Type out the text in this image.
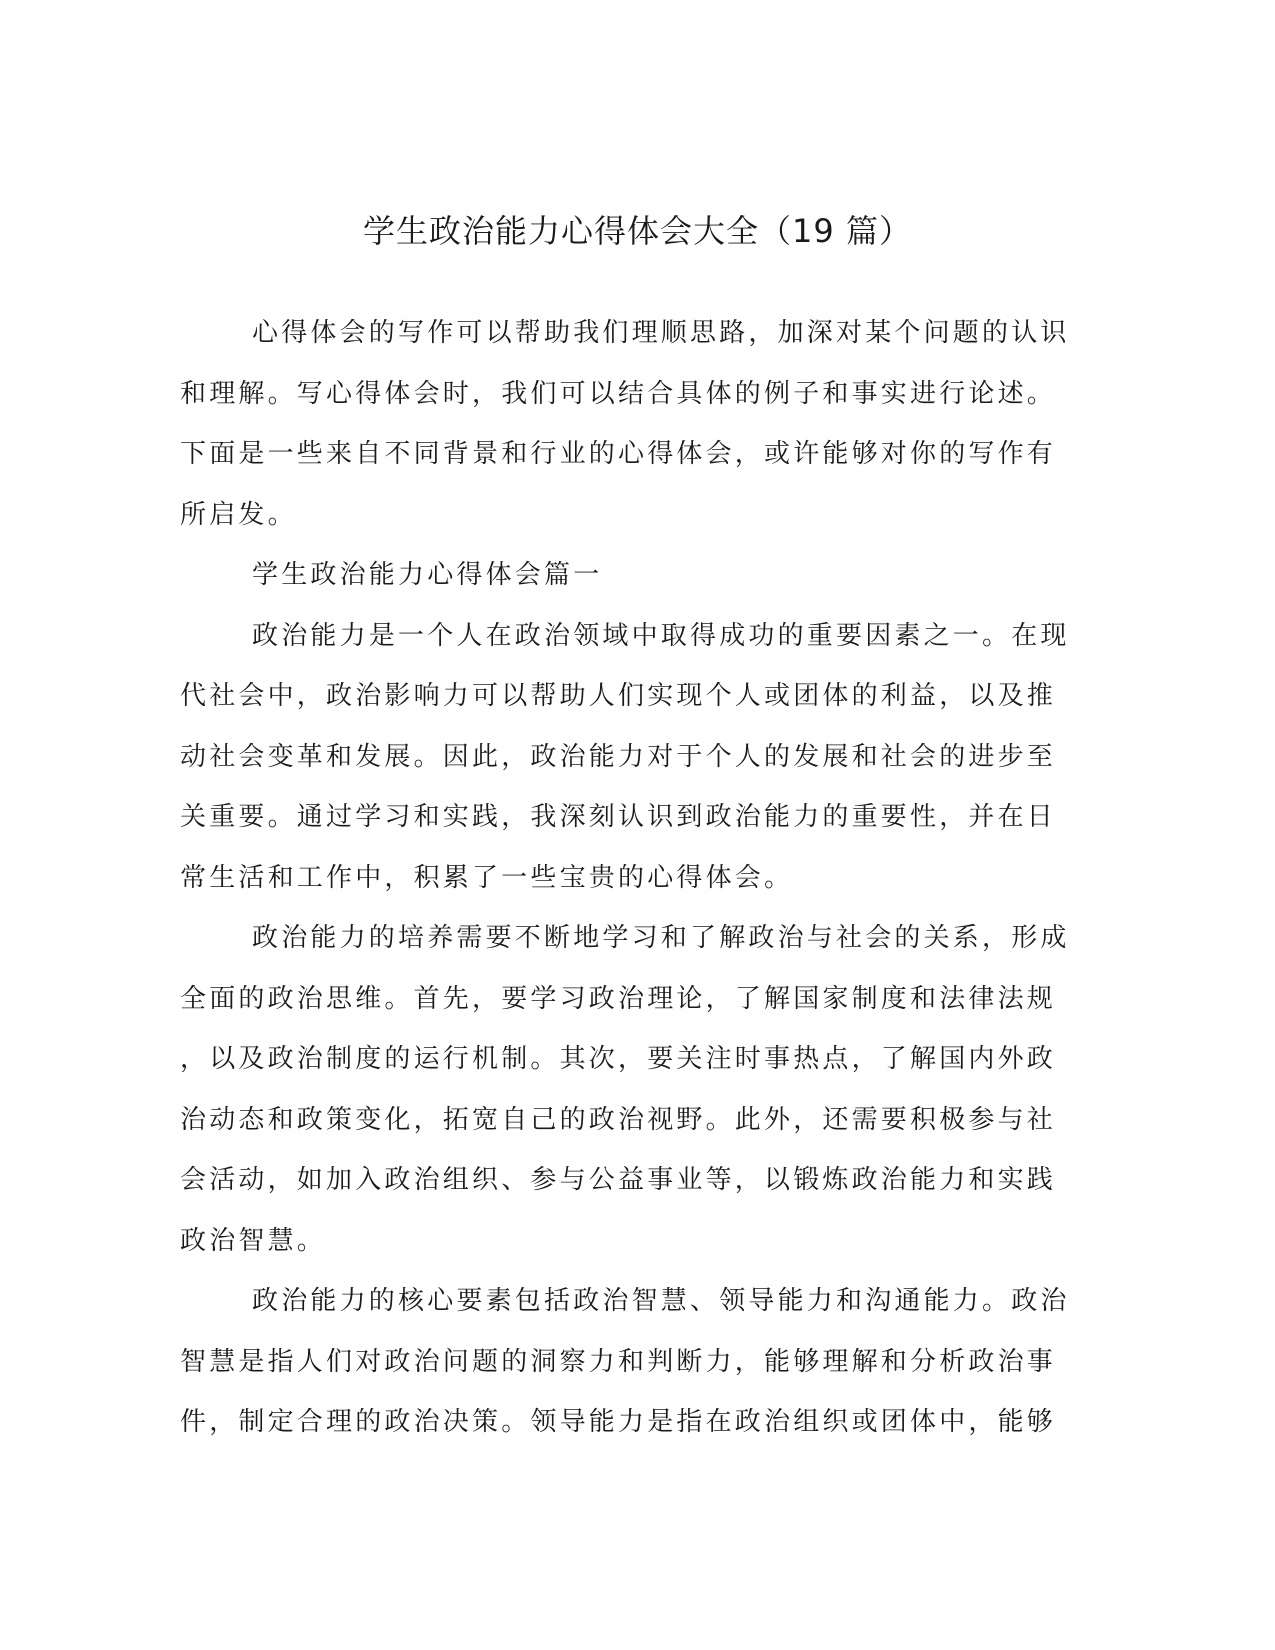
学生政治能力心得体会大全（19 篇）
心得体会的写作可以帮助我们理顺思路，加深对某个问题的认识
和理解。写心得体会时，我们可以结合具体的例子和事实进行论述。
下面是一些来自不同背景和行业的心得体会，或许能够对你的写作有
所启发。
学生政治能力心得体会篇一
政治能力是一个人在政治领域中取得成功的重要因素之一。在现
代社会中，政治影响力可以帮助人们实现个人或团体的利益，以及推
动社会变革和发展。因此，政治能力对于个人的发展和社会的进步至
关重要。通过学习和实践，我深刻认识到政治能力的重要性，并在日
常生活和工作中，积累了一些宝贵的心得体会。
政治能力的培养需要不断地学习和了解政治与社会的关系，形成
全面的政治思维。首先，要学习政治理论，了解国家制度和法律法规
，以及政治制度的运行机制。其次，要关注时事热点，了解国内外政
治动态和政策变化，拓宽自己的政治视野。此外，还需要积极参与社
会活动，如加入政治组织、参与公益事业等，以锻炼政治能力和实践
政治智慧。
政治能力的核心要素包括政治智慧、领导能力和沟通能力。政治
智慧是指人们对政治问题的洞察力和判断力，能够理解和分析政治事
件，制定合理的政治决策。领导能力是指在政治组织或团体中，能够
